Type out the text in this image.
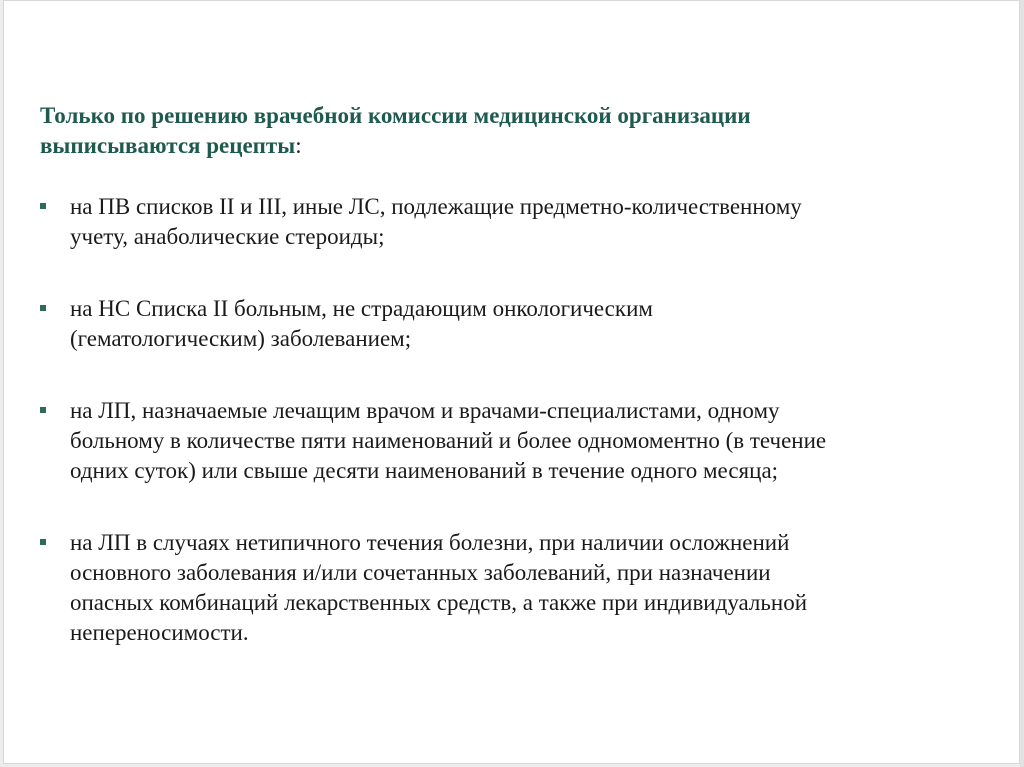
Только по решению врачебной комиссии медицинской организации
выписываются рецепты:
на ПВ списков II и III, иные ЛС, подлежащие предметно-количественному
учету, анаболические стероиды;
на НС Списка II больным, не страдающим онкологическим
(гематологическим) заболеванием;
на ЛП, назначаемые лечащим врачом и врачами-специалистами, одному
больному в количестве пяти наименований и более одномоментно (в течение
одних суток) или свыше десяти наименований в течение одного месяца;
на ЛП в случаях нетипичного течения болезни, при наличии осложнений
основного заболевания и/или сочетанных заболеваний, при назначении
опасных комбинаций лекарственных средств, а также при индивидуальной
непереносимости.
